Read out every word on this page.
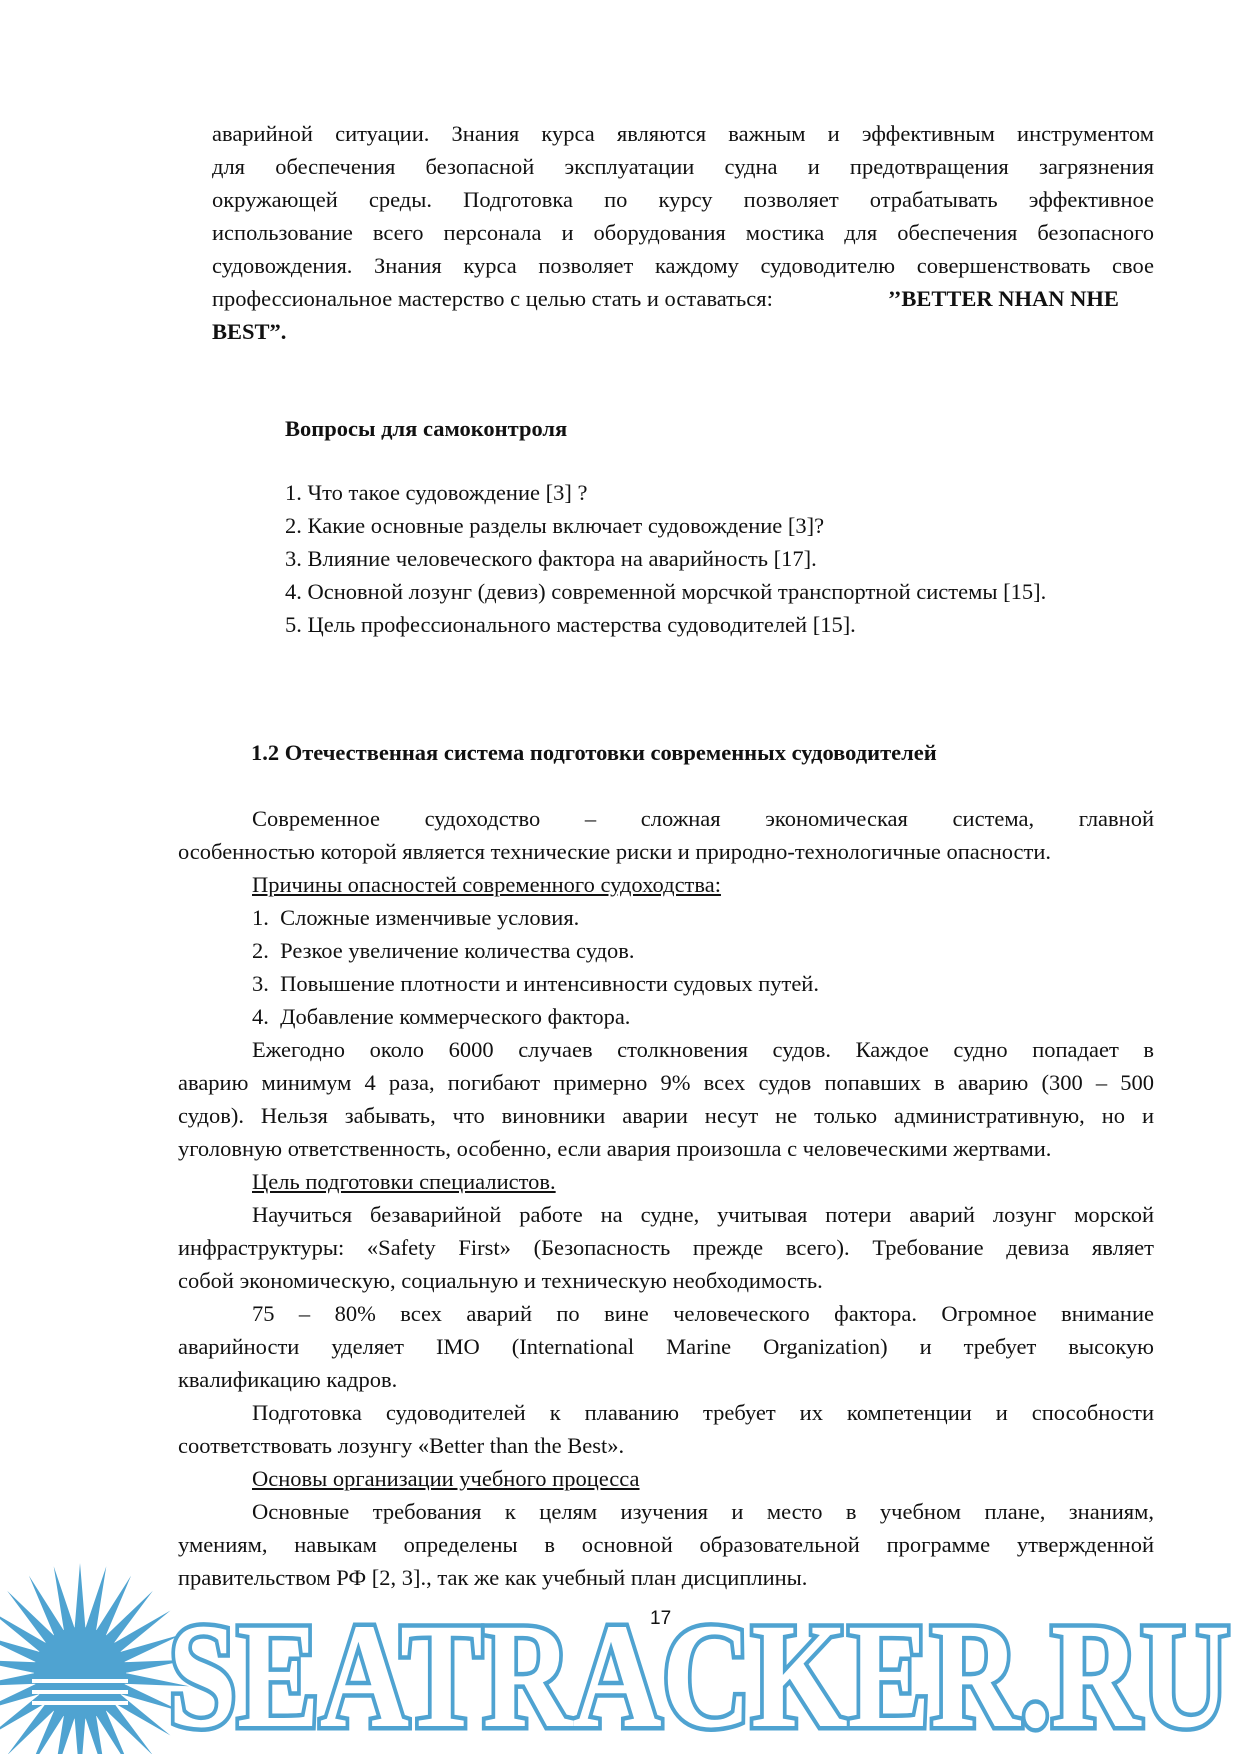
аварийной ситуации. Знания курса являются важным и эффективным инструментом
для обеспечения безопасной эксплуатации судна и предотвращения загрязнения
окружающей среды. Подготовка по курсу позволяет отрабатывать эффективное
использование всего персонала и оборудования мостика для обеспечения безопасного
судовождения. Знания курса позволяет каждому судоводителю совершенствовать свое
профессиональное мастерство с целью стать и оставаться:	’’BETTER NHAN NHE
BEST”.
Вопросы для самоконтроля
1. Что такое судовождение [3] ?
2. Какие основные разделы включает судовождение [3]?
3. Влияние человеческого фактора на аварийность [17].
4. Основной лозунг (девиз) современной морсчкой транспортной системы [15].
5. Цель профессионального мастерства судоводителей [15].
1.2 Отечественная система подготовки современных судоводителей
Современное судоходство – сложная экономическая система, главной
особенностью которой является технические риски и природно-технологичные опасности.
Причины опасностей современного судоходства:
1.  Сложные изменчивые условия.
2.  Резкое увеличение количества судов.
3.  Повышение плотности и интенсивности судовых путей.
4.  Добавление коммерческого фактора.
Ежегодно около 6000 случаев столкновения судов. Каждое судно попадает в
аварию минимум 4 раза, погибают примерно 9% всех судов попавших в аварию (300 – 500
судов). Нельзя забывать, что виновники аварии несут не только административную, но и
уголовную ответственность, особенно, если авария произошла с человеческими жертвами.
Цель подготовки специалистов.
Научиться безаварийной работе на судне, учитывая потери аварий лозунг морской
инфраструктуры: «Safety First» (Безопасность прежде всего). Требование девиза являет
собой экономическую, социальную и техническую необходимость.
75 – 80% всех аварий по вине человеческого фактора. Огромное внимание
аварийности уделяет IMO (International Marine Organization) и требует высокую
квалификацию кадров.
Подготовка судоводителей к плаванию требует их компетенции и способности
соответствовать лозунгу «Better than the Best».
Основы организации учебного процесса
Основные требования к целям изучения и место в учебном плане, знаниям,
умениям, навыкам определены в основной образовательной программе утвержденной
правительством РФ [2, 3]., так же как учебный план дисциплины.
SEATRACKER.RU
17
